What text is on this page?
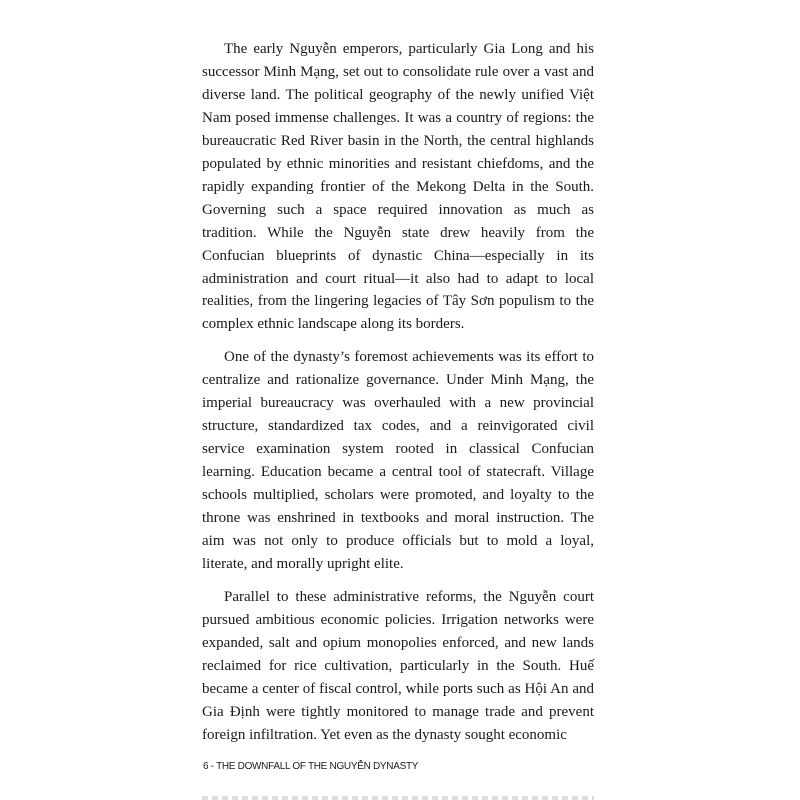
The early Nguyễn emperors, particularly Gia Long and his successor Minh Mạng, set out to consolidate rule over a vast and diverse land. The political geography of the newly unified Việt Nam posed immense challenges. It was a country of regions: the bureaucratic Red River basin in the North, the central highlands populated by ethnic minorities and resistant chiefdoms, and the rapidly expanding frontier of the Mekong Delta in the South. Governing such a space required innovation as much as tradition. While the Nguyễn state drew heavily from the Confucian blueprints of dynastic China—especially in its administration and court ritual—it also had to adapt to local realities, from the lingering legacies of Tây Sơn populism to the complex ethnic landscape along its borders.

One of the dynasty’s foremost achievements was its effort to centralize and rationalize governance. Under Minh Mạng, the imperial bureaucracy was overhauled with a new provincial structure, standardized tax codes, and a reinvigorated civil service examination system rooted in classical Confucian learning. Education became a central tool of statecraft. Village schools multiplied, scholars were promoted, and loyalty to the throne was enshrined in textbooks and moral instruction. The aim was not only to produce officials but to mold a loyal, literate, and morally upright elite.

Parallel to these administrative reforms, the Nguyễn court pursued ambitious economic policies. Irrigation networks were expanded, salt and opium monopolies enforced, and new lands reclaimed for rice cultivation, particularly in the South. Huế became a center of fiscal control, while ports such as Hội An and Gia Định were tightly monitored to manage trade and prevent foreign infiltration. Yet even as the dynasty sought economic

6 - THE DOWNFALL OF THE NGUYỄN DYNASTY
